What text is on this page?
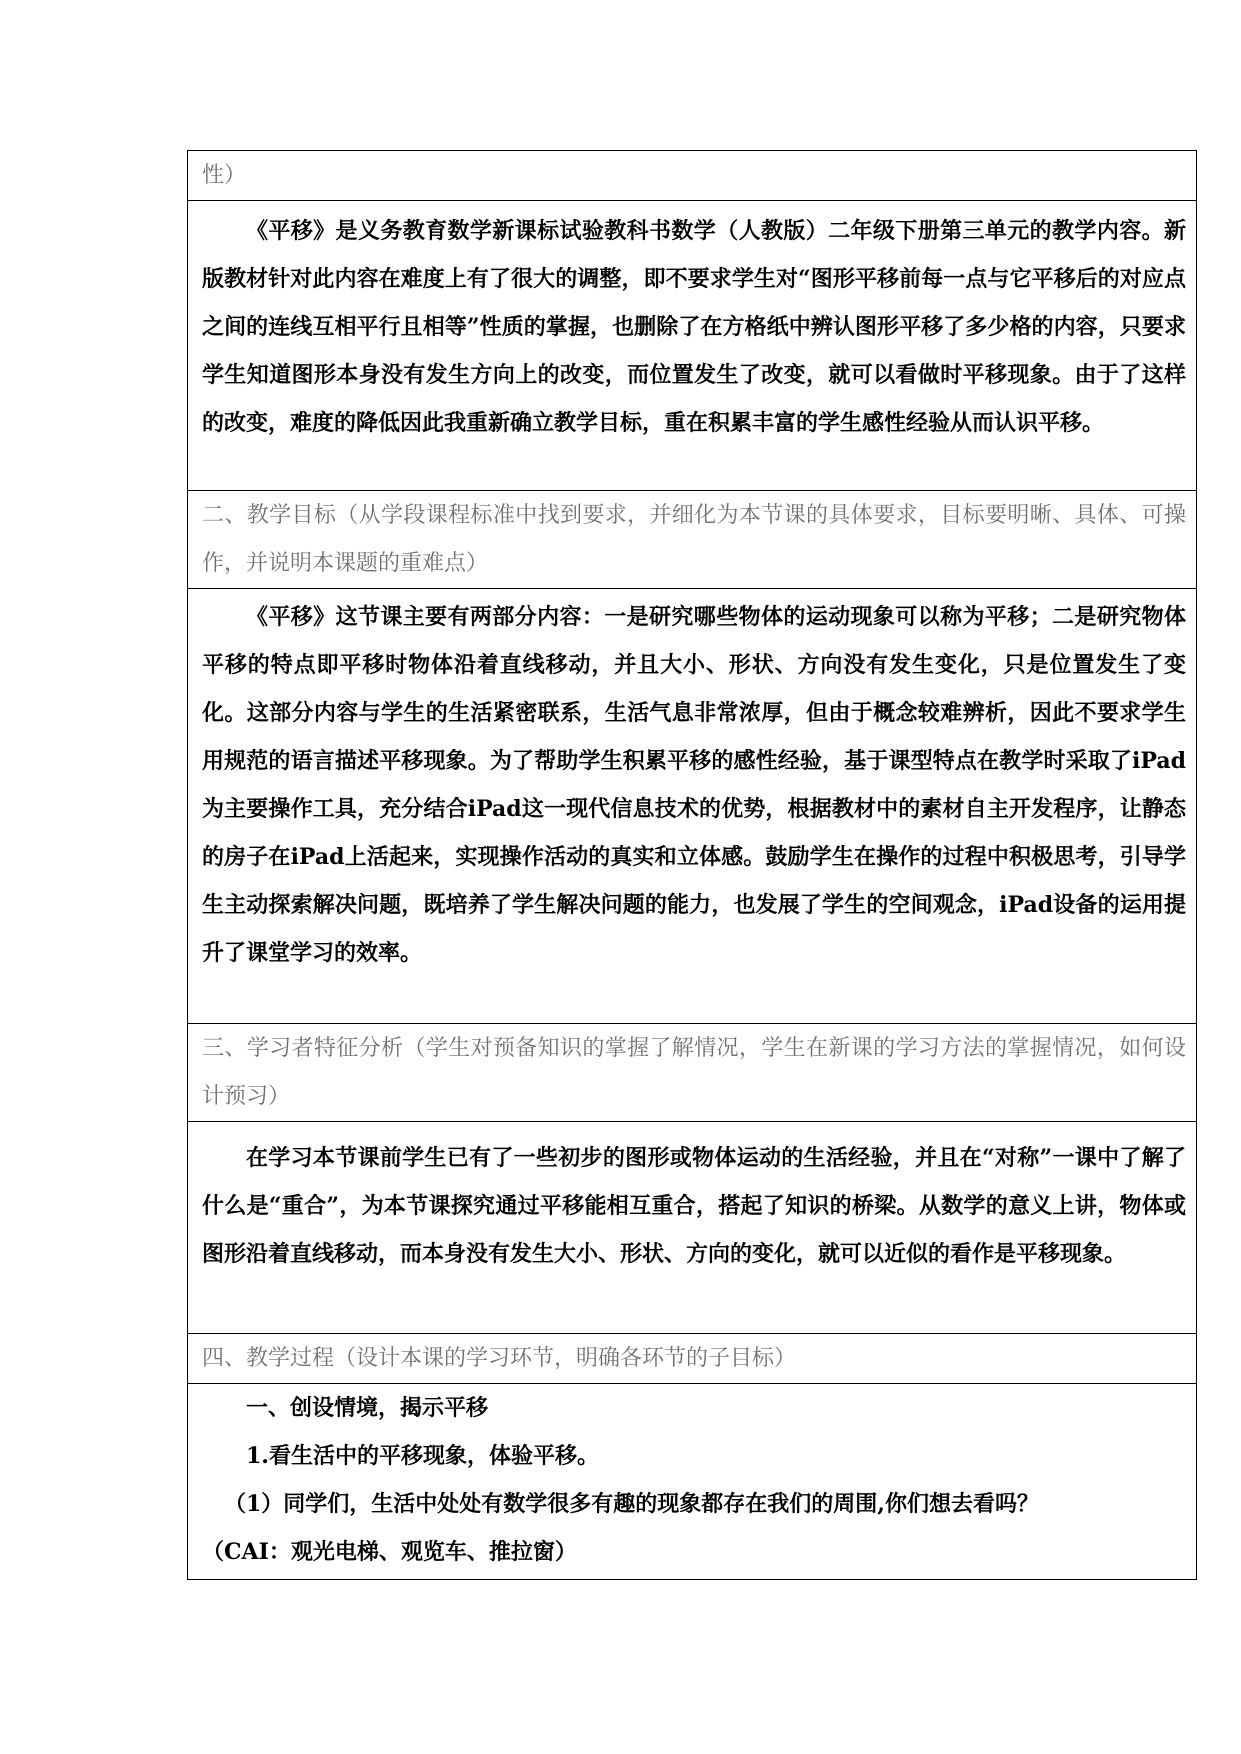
性）

《平移》是义务教育数学新课标试验教科书数学（人教版）二年级下册第三单元的教学内容。新版教材针对此内容在难度上有了很大的调整，即不要求学生对“图形平移前每一点与它平移后的对应点之间的连线互相平行且相等”性质的掌握，也删除了在方格纸中辨认图形平移了多少格的内容，只要求学生知道图形本身没有发生方向上的改变，而位置发生了改变，就可以看做时平移现象。由于了这样的改变，难度的降低因此我重新确立教学目标，重在积累丰富的学生感性经验从而认识平移。

二、教学目标（从学段课程标准中找到要求，并细化为本节课的具体要求，目标要明晰、具体、可操作，并说明本课题的重难点）

《平移》这节课主要有两部分内容：一是研究哪些物体的运动现象可以称为平移；二是研究物体平移的特点即平移时物体沿着直线移动，并且大小、形状、方向没有发生变化，只是位置发生了变化。这部分内容与学生的生活紧密联系，生活气息非常浓厚，但由于概念较难辨析，因此不要求学生用规范的语言描述平移现象。为了帮助学生积累平移的感性经验，基于课型特点在教学时采取了iPad为主要操作工具，充分结合iPad这一现代信息技术的优势，根据教材中的素材自主开发程序，让静态的房子在iPad上活起来，实现操作活动的真实和立体感。鼓励学生在操作的过程中积极思考，引导学生主动探索解决问题，既培养了学生解决问题的能力，也发展了学生的空间观念，iPad设备的运用提升了课堂学习的效率。

三、学习者特征分析（学生对预备知识的掌握了解情况，学生在新课的学习方法的掌握情况，如何设计预习）

在学习本节课前学生已有了一些初步的图形或物体运动的生活经验，并且在“对称”一课中了解了什么是“重合”，为本节课探究通过平移能相互重合，搭起了知识的桥梁。从数学的意义上讲，物体或图形沿着直线移动，而本身没有发生大小、形状、方向的变化，就可以近似的看作是平移现象。

四、教学过程（设计本课的学习环节，明确各环节的子目标）

一、创设情境，揭示平移

1.看生活中的平移现象，体验平移。

（1）同学们，生活中处处有数学很多有趣的现象都存在我们的周围,你们想去看吗？

（CAI：观光电梯、观览车、推拉窗）
